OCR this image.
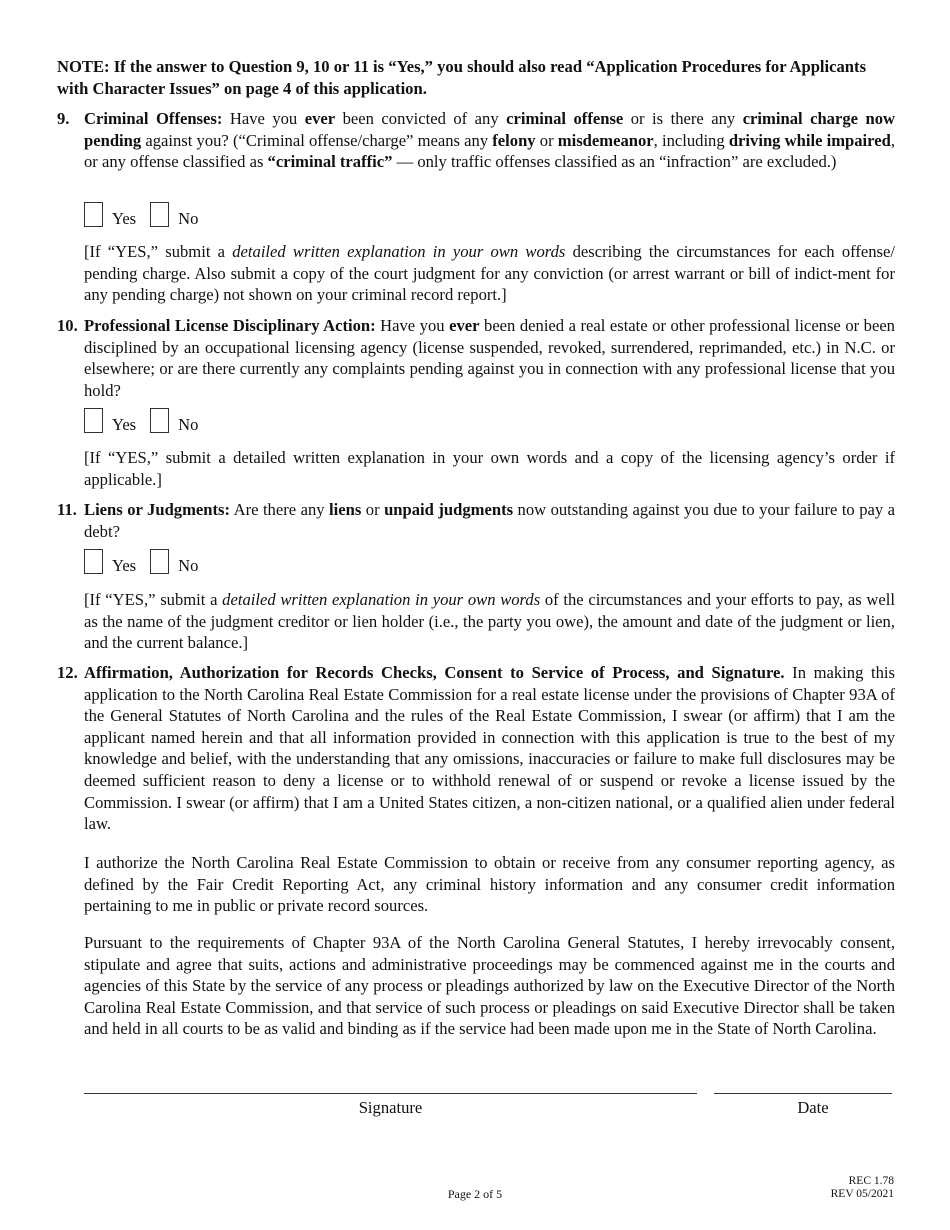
NOTE: If the answer to Question 9, 10 or 11 is “Yes,” you should also read “Application Procedures for Applicants with Character Issues” on page 4 of this application.
9. Criminal Offenses: Have you ever been convicted of any criminal offense or is there any criminal charge now pending against you? (“Criminal offense/charge” means any felony or misdemeanor, including driving while impaired, or any offense classified as “criminal traffic” — only traffic offenses classified as an “infraction” are excluded.)
Yes	No
[If “YES,” submit a detailed written explanation in your own words describing the circumstances for each offense/ pending charge. Also submit a copy of the court judgment for any conviction (or arrest warrant or bill of indict-ment for any pending charge) not shown on your criminal record report.]
10. Professional License Disciplinary Action: Have you ever been denied a real estate or other professional license or been disciplined by an occupational licensing agency (license suspended, revoked, surrendered, reprimanded, etc.) in N.C. or elsewhere; or are there currently any complaints pending against you in connection with any professional license that you hold?
Yes	No
[If “YES,” submit a detailed written explanation in your own words and a copy of the licensing agency’s order if applicable.]
11. Liens or Judgments: Are there any liens or unpaid judgments now outstanding against you due to your failure to pay a debt?
Yes	No
[If “YES,” submit a detailed written explanation in your own words of the circumstances and your efforts to pay, as well as the name of the judgment creditor or lien holder (i.e., the party you owe), the amount and date of the judgment or lien, and the current balance.]
12. Affirmation, Authorization for Records Checks, Consent to Service of Process, and Signature. In making this application to the North Carolina Real Estate Commission for a real estate license under the provisions of Chapter 93A of the General Statutes of North Carolina and the rules of the Real Estate Commission, I swear (or affirm) that I am the applicant named herein and that all information provided in connection with this application is true to the best of my knowledge and belief, with the understanding that any omissions, inaccuracies or failure to make full disclosures may be deemed sufficient reason to deny a license or to withhold renewal of or suspend or revoke a license issued by the Commission. I swear (or affirm) that I am a United States citizen, a non-citizen national, or a qualified alien under federal law.
I authorize the North Carolina Real Estate Commission to obtain or receive from any consumer reporting agency, as defined by the Fair Credit Reporting Act, any criminal history information and any consumer credit information pertaining to me in public or private record sources.
Pursuant to the requirements of Chapter 93A of the North Carolina General Statutes, I hereby irrevocably consent, stipulate and agree that suits, actions and administrative proceedings may be commenced against me in the courts and agencies of this State by the service of any process or pleadings authorized by law on the Executive Director of the North Carolina Real Estate Commission, and that service of such process or pleadings on said Executive Director shall be taken and held in all courts to be as valid and binding as if the service had been made upon me in the State of North Carolina.
Signature	Date
Page 2 of 5
REC 1.78
REV 05/2021
